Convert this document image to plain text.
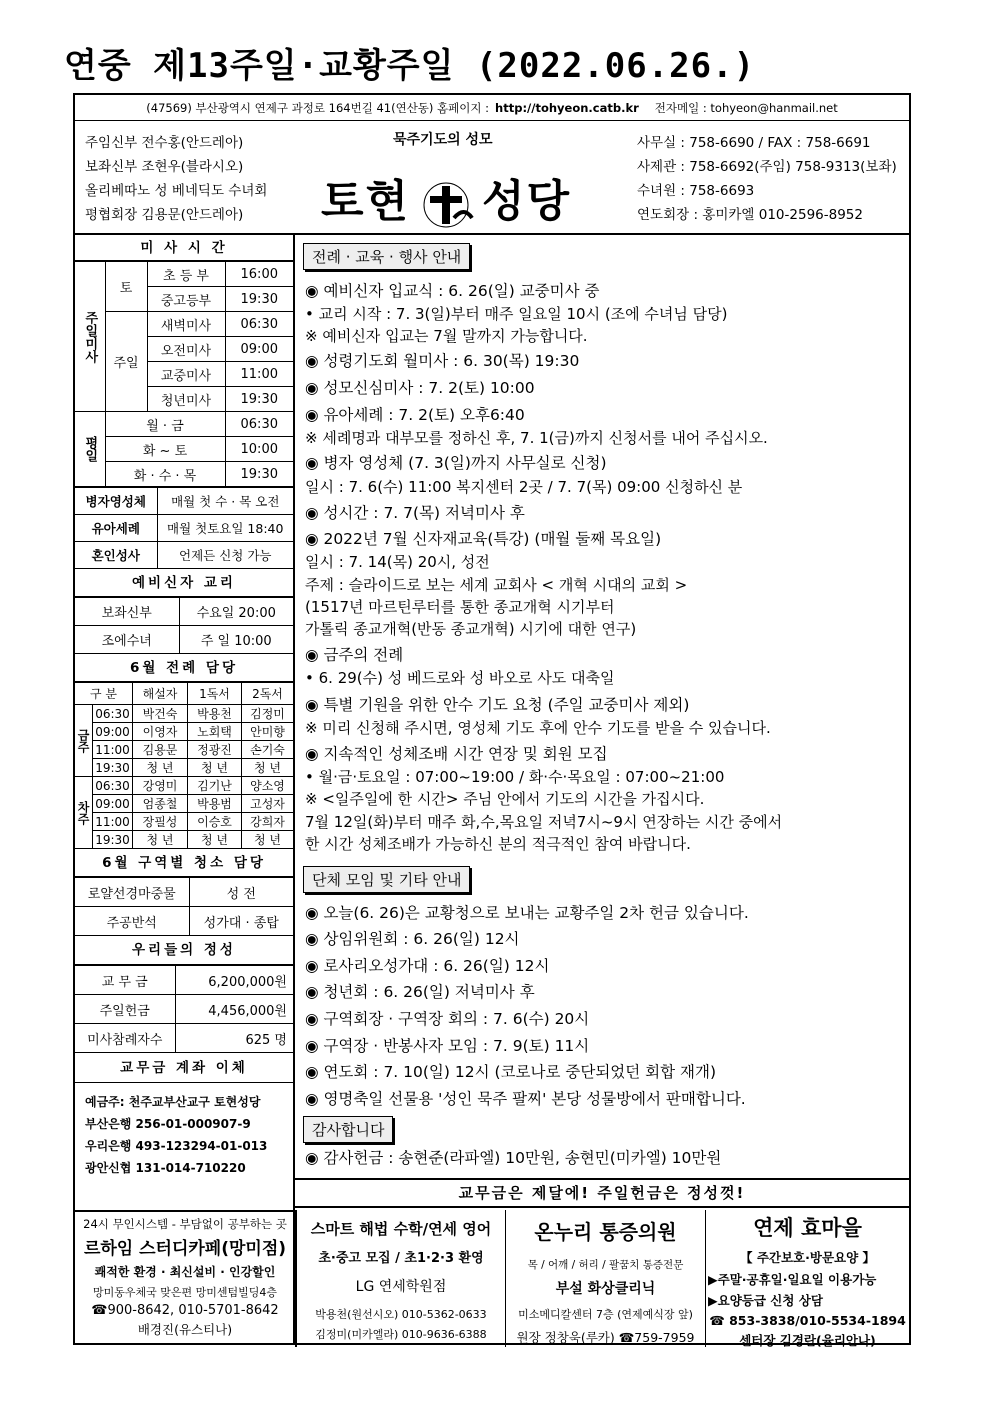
연중 제13주일·교황주일 (2022.06.26.)
(47569) 부산광역시 연제구 과정로 164번길 41(연산동) 홈페이지 : http://tohyeon.catb.kr 전자메일 : tohyeon@hanmail.net
주임신부 전수홍(안드레아)
보좌신부 조현우(블라시오)
올리베따노 성 베네딕도 수녀회
평협회장 김용문(안드레아)
묵주기도의 성모
토현 성당
사무실 : 758-6690 / FAX : 758-6691
사제관 : 758-6692(주임) 758-9313(보좌)
수녀원 : 758-6693
연도회장 : 홍미카엘 010-2596-8952
미 사 시 간
주일미사	토	초 등 부	16:00
		중고등부	19:30
	주일	새벽미사	06:30
		오전미사	09:00
		교중미사	11:00
		청년미사	19:30
평일	월 · 금		06:30
	화 ~ 토		10:00
	화 · 수 · 목		19:30
병자영성체	매월 첫 수 · 목 오전
유아세례	매월 첫토요일 18:40
혼인성사	언제든 신청 가능
예비신자 교리
보좌신부	수요일 20:00
조에수녀	주 일 10:00
6월 전례 담당
구 분		해설자	1독서	2독서
금주	06:30	박건숙	박용천	김정미
	09:00	이영자	노회택	안미향
	11:00	김용문	정광진	손기숙
	19:30	청 년	청 년	청 년
차주	06:30	강영미	김기난	양소영
	09:00	엄종철	박용범	고성자
	11:00	장필성	이승호	강희자
	19:30	청 년	청 년	청 년
6월 구역별 청소 담당
로얄선경마중물	성 전
주공반석	성가대 · 종탑
우리들의 정성
교 무 금	6,200,000원
주일헌금	4,456,000원
미사참례자수	625 명
교무금 계좌 이체
예금주: 천주교부산교구 토현성당
부산은행 256-01-000907-9
우리은행 493-123294-01-013
광안신협 131-014-710220
전례 · 교육 · 행사 안내
◉ 예비신자 입교식 : 6. 26(일) 교중미사 중
• 교리 시작 : 7. 3(일)부터 매주 일요일 10시 (조에 수녀님 담당)
※ 예비신자 입교는 7월 말까지 가능합니다.
◉ 성령기도회 월미사 : 6. 30(목) 19:30
◉ 성모신심미사 : 7. 2(토) 10:00
◉ 유아세례 : 7. 2(토) 오후6:40
※ 세례명과 대부모를 정하신 후, 7. 1(금)까지 신청서를 내어 주십시오.
◉ 병자 영성체 (7. 3(일)까지 사무실로 신청)
일시 : 7. 6(수) 11:00 복지센터 2곳 / 7. 7(목) 09:00 신청하신 분
◉ 성시간 : 7. 7(목) 저녁미사 후
◉ 2022년 7월 신자재교육(특강) (매월 둘째 목요일)
일시 : 7. 14(목) 20시, 성전
주제 : 슬라이드로 보는 세계 교회사 < 개혁 시대의 교회 >
(1517년 마르틴루터를 통한 종교개혁 시기부터
가톨릭 종교개혁(반동 종교개혁) 시기에 대한 연구)
◉ 금주의 전례
• 6. 29(수) 성 베드로와 성 바오로 사도 대축일
◉ 특별 기원을 위한 안수 기도 요청 (주일 교중미사 제외)
※ 미리 신청해 주시면, 영성체 기도 후에 안수 기도를 받을 수 있습니다.
◉ 지속적인 성체조배 시간 연장 및 회원 모집
• 월·금·토요일 : 07:00~19:00 / 화·수·목요일 : 07:00~21:00
※ <일주일에 한 시간> 주님 안에서 기도의 시간을 가집시다.
7월 12일(화)부터 매주 화,수,목요일 저녁7시~9시 연장하는 시간 중에서
한 시간 성체조배가 가능하신 분의 적극적인 참여 바랍니다.
단체 모임 및 기타 안내
◉ 오늘(6. 26)은 교황청으로 보내는 교황주일 2차 헌금 있습니다.
◉ 상임위원회 : 6. 26(일) 12시
◉ 로사리오성가대 : 6. 26(일) 12시
◉ 청년회 : 6. 26(일) 저녁미사 후
◉ 구역회장 · 구역장 회의 : 7. 6(수) 20시
◉ 구역장 · 반봉사자 모임 : 7. 9(토) 11시
◉ 연도회 : 7. 10(일) 12시 (코로나로 중단되었던 회합 재개)
◉ 영명축일 선물용 '성인 묵주 팔찌' 본당 성물방에서 판매합니다.
감사합니다
◉ 감사헌금 : 송현준(라파엘) 10만원, 송현민(미카엘) 10만원
교무금은 제달에! 주일헌금은 정성껏!
24시 무인시스템 - 부담없이 공부하는 곳
르하임 스터디카페(망미점)
쾌적한 환경 · 최신설비 · 인강할인
망미동우체국 맞은편 망미센텀빌딩4층
☎900-8642, 010-5701-8642
배경진(유스티나)
스마트 해법 수학/연세 영어
초·중고 모집 / 초1·2·3 환영
LG 연세학원점
박용천(원선시오) 010-5362-0633
김정미(미카엘라) 010-9636-6388
온누리 통증의원
목 / 어깨 / 허리 / 팔꿈치 통증전문
부설 화상클리닉
미소메디칼센터 7층 (연제예식장 앞)
원장 정창욱(루카) ☎759-7959
연제 효마을
【 주간보호·방문요양 】
▶주말·공휴일·일요일 이용가능
▶요양등급 신청 상담
☎ 853-3838/010-5534-1894
센터장 김경란(율리안나)
